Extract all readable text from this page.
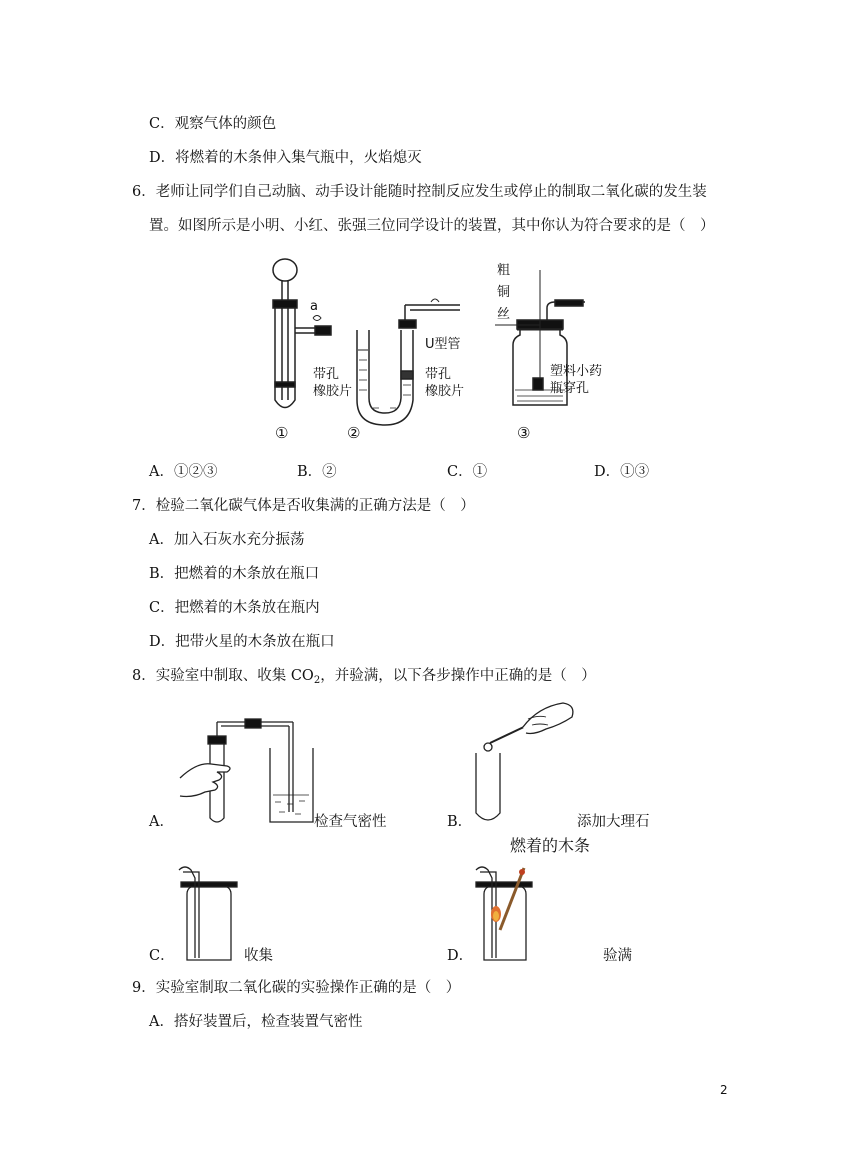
C．观察气体的颜色
D．将燃着的木条伸入集气瓶中，火焰熄灭
6．老师让同学们自己动脑、动手设计能随时控制反应发生或停止的制取二氧化碳的发生装
置。如图所示是小明、小红、张强三位同学设计的装置，其中你认为符合要求的是（　）
a
带孔
橡胶片
U型管
带孔
橡胶片
粗
铜
丝
塑料小药
瓶穿孔
①	②	③
A．①②③	B．②	C．①	D．①③
7．检验二氧化碳气体是否收集满的正确方法是（　）
A．加入石灰水充分振荡
B．把燃着的木条放在瓶口
C．把燃着的木条放在瓶内
D．把带火星的木条放在瓶口
8．实验室中制取、收集 $CO_2$，并验满，以下各步操作中正确的是（　）
A．	检查气密性	B．	添加大理石
燃着的木条
C．	收集	D．	验满
9．实验室制取二氧化碳的实验操作正确的是（　）
A．搭好装置后，检查装置气密性
2
